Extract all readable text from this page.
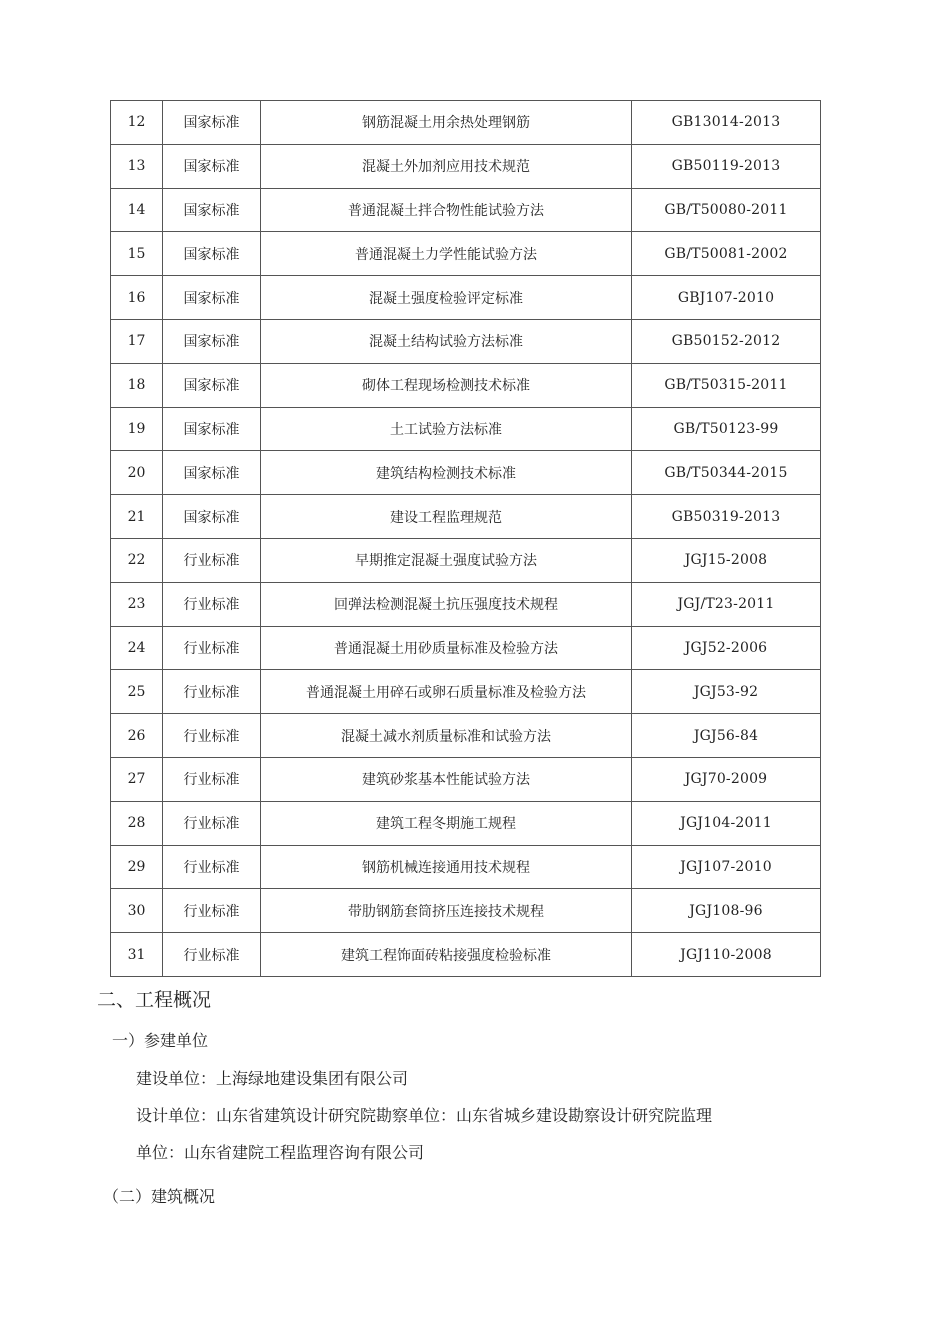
12	国家标准	钢筋混凝土用余热处理钢筋	GB13014-2013
13	国家标准	混凝土外加剂应用技术规范	GB50119-2013
14	国家标准	普通混凝土拌合物性能试验方法	GB/T50080-2011
15	国家标准	普通混凝土力学性能试验方法	GB/T50081-2002
16	国家标准	混凝土强度检验评定标准	GBJ107-2010
17	国家标准	混凝土结构试验方法标准	GB50152-2012
18	国家标准	砌体工程现场检测技术标准	GB/T50315-2011
19	国家标准	土工试验方法标准	GB/T50123-99
20	国家标准	建筑结构检测技术标准	GB/T50344-2015
21	国家标准	建设工程监理规范	GB50319-2013
22	行业标准	早期推定混凝土强度试验方法	JGJ15-2008
23	行业标准	回弹法检测混凝土抗压强度技术规程	JGJ/T23-2011
24	行业标准	普通混凝土用砂质量标准及检验方法	JGJ52-2006
25	行业标准	普通混凝土用碎石或卵石质量标准及检验方法	JGJ53-92
26	行业标准	混凝土减水剂质量标准和试验方法	JGJ56-84
27	行业标准	建筑砂浆基本性能试验方法	JGJ70-2009
28	行业标准	建筑工程冬期施工规程	JGJ104-2011
29	行业标准	钢筋机械连接通用技术规程	JGJ107-2010
30	行业标准	带肋钢筋套筒挤压连接技术规程	JGJ108-96
31	行业标准	建筑工程饰面砖粘接强度检验标准	JGJ110-2008
二、工程概况
一）参建单位
建设单位：上海绿地建设集团有限公司
设计单位：山东省建筑设计研究院勘察单位：山东省城乡建设勘察设计研究院监理
单位：山东省建院工程监理咨询有限公司
（二）建筑概况
